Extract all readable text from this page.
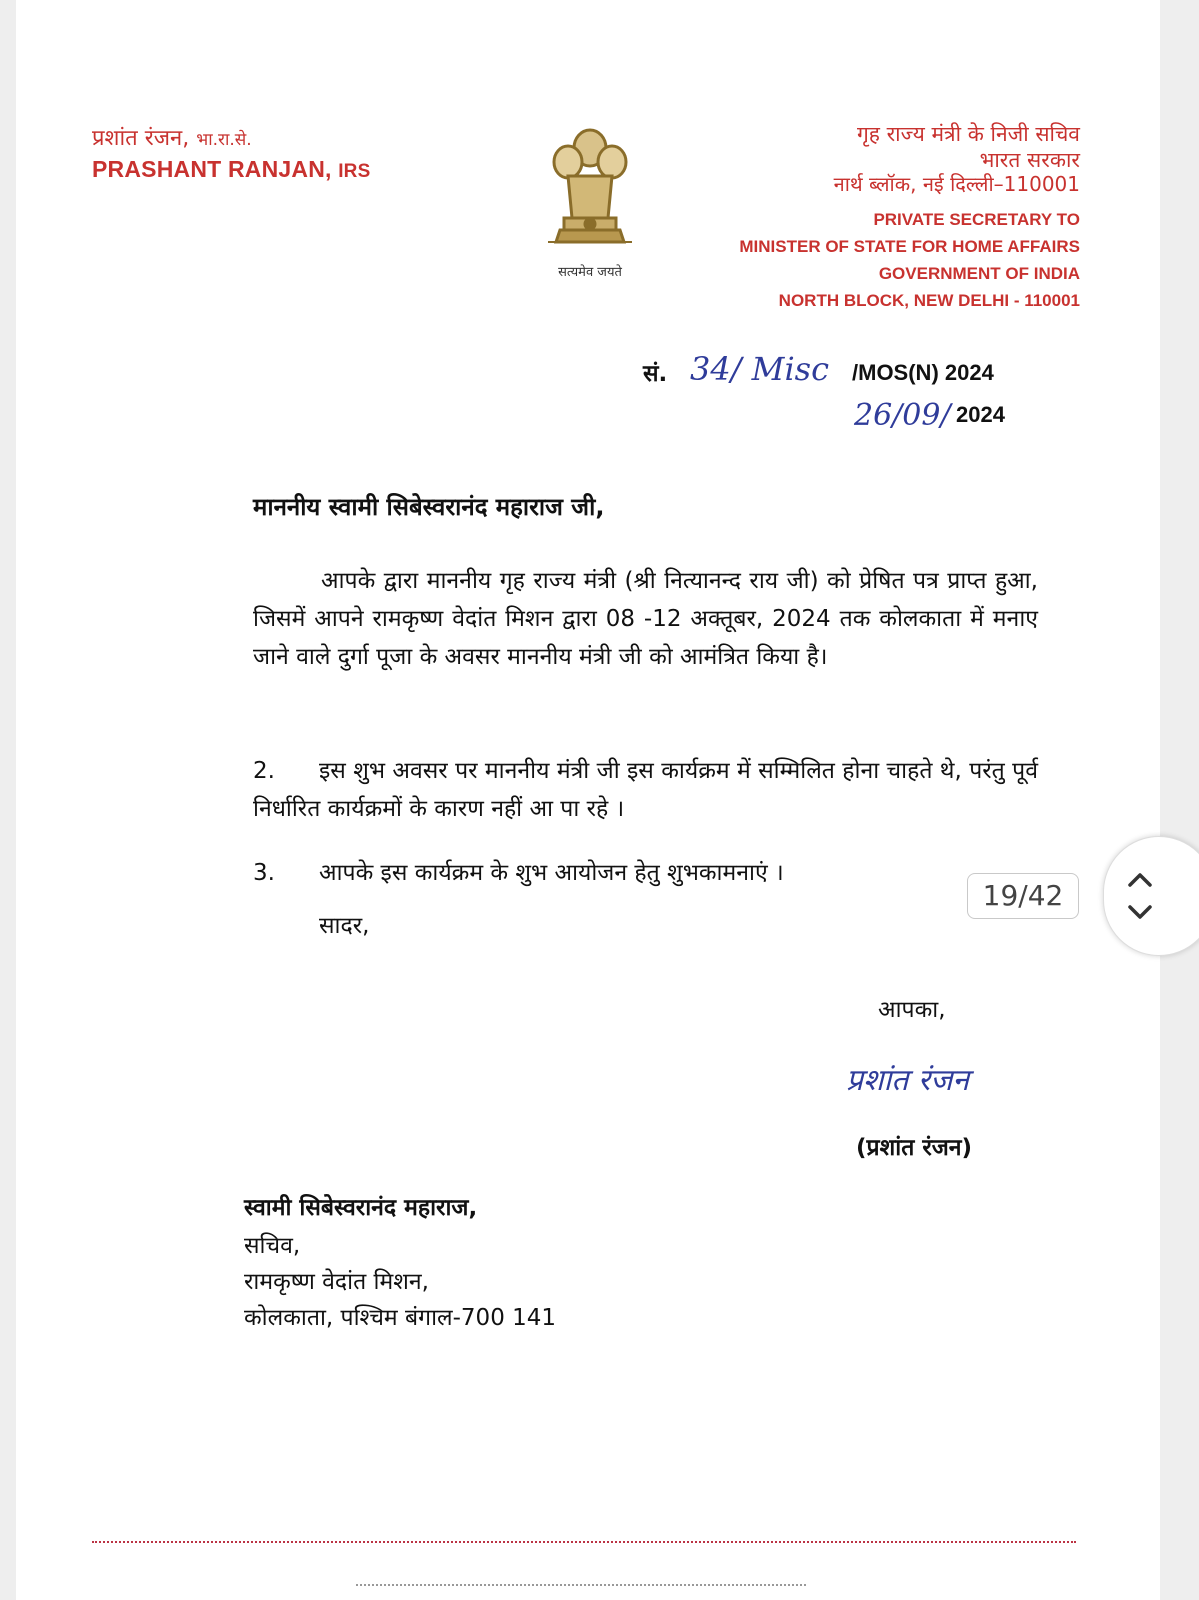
प्रशांत रंजन, भा.रा.से.
PRASHANT RANJAN, IRS
सत्यमेव जयते
गृह राज्य मंत्री के निजी सचिव
भारत सरकार
नार्थ ब्लॉक, नई दिल्ली–110001
PRIVATE SECRETARY TO
MINISTER OF STATE FOR HOME AFFAIRS
GOVERNMENT OF INDIA
NORTH BLOCK, NEW DELHI - 110001
सं. 34/ Misc /MOS(N) 2024
26/09/ 2024
माननीय स्वामी सिबेस्वरानंद महाराज जी,
आपके द्वारा माननीय गृह राज्य मंत्री (श्री नित्यानन्द राय जी) को प्रेषित पत्र प्राप्त हुआ, जिसमें आपने रामकृष्ण वेदांत मिशन द्वारा 08 -12 अक्तूबर, 2024 तक कोलकाता में मनाए जाने वाले दुर्गा पूजा के अवसर माननीय मंत्री जी को आमंत्रित किया है।
2. इस शुभ अवसर पर माननीय मंत्री जी इस कार्यक्रम में सम्मिलित होना चाहते थे, परंतु पूर्व निर्धारित कार्यक्रमों के कारण नहीं आ पा रहे ।
3. आपके इस कार्यक्रम के शुभ आयोजन हेतु शुभकामनाएं ।
सादर,
आपका,
प्रशांत रंजन
(प्रशांत रंजन)
स्वामी सिबेस्वरानंद महाराज,
सचिव,
रामकृष्ण वेदांत मिशन,
कोलकाता, पश्चिम बंगाल-700 141
19/42
